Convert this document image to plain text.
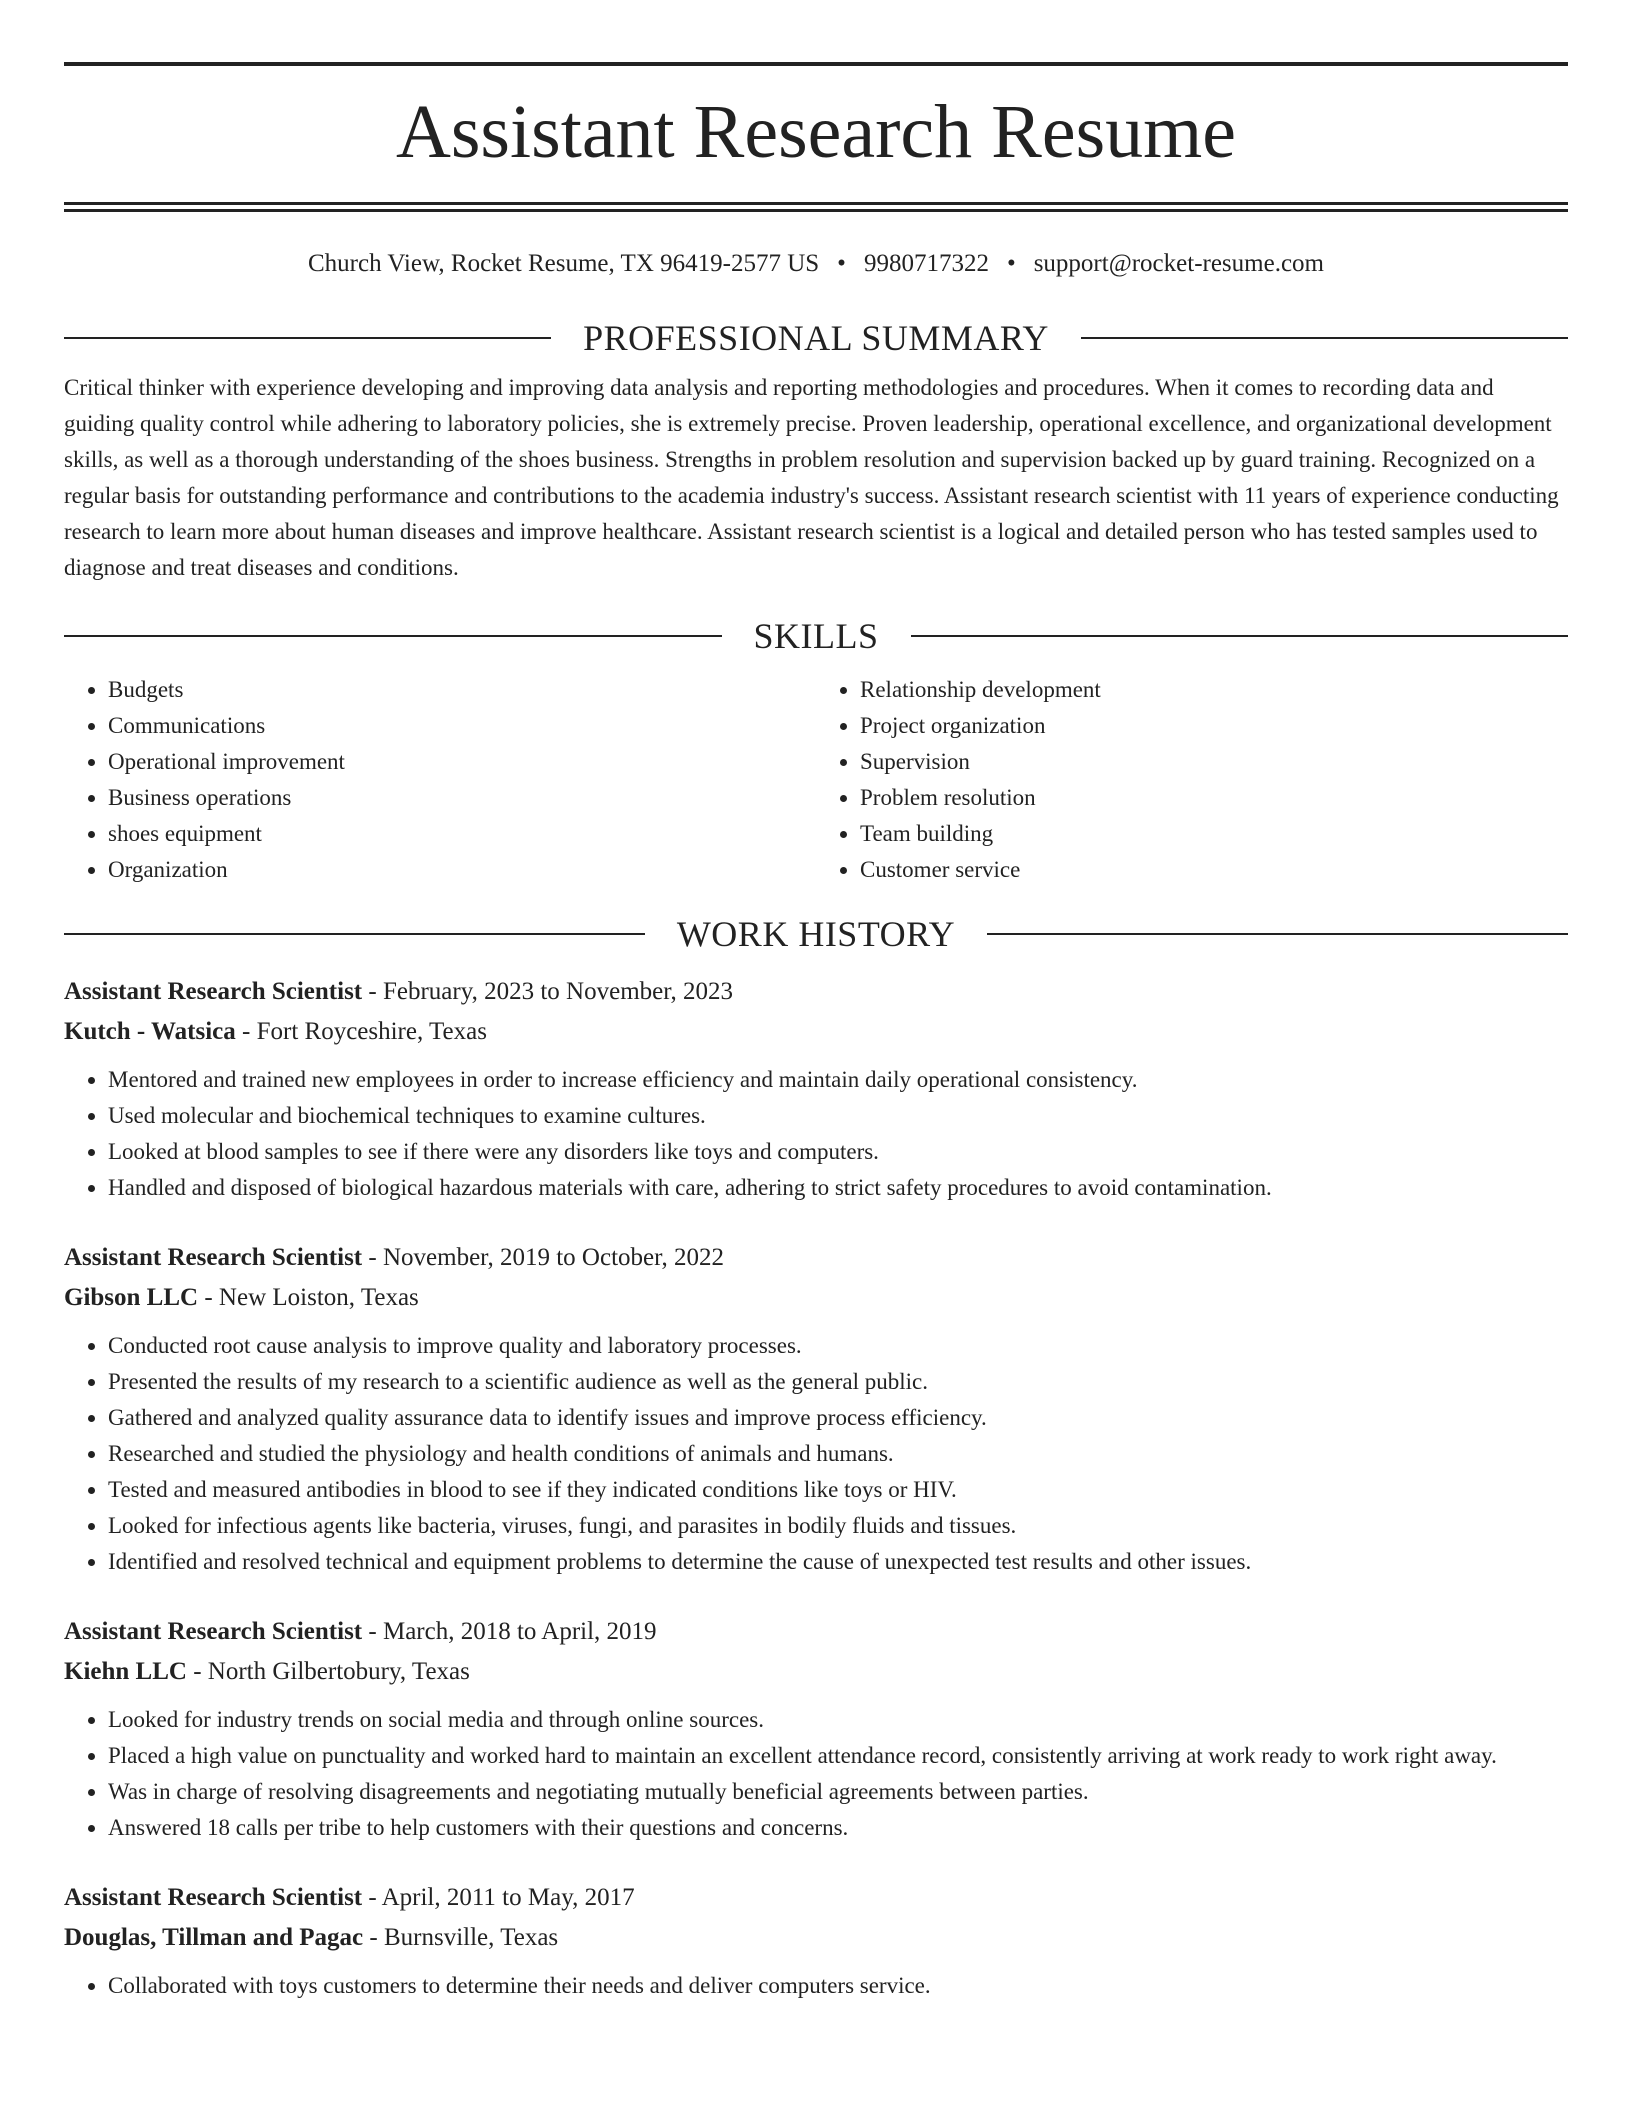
Assistant Research Resume
Church View, Rocket Resume, TX 96419-2577 US • 9980717322 • support@rocket-resume.com
PROFESSIONAL SUMMARY

Critical thinker with experience developing and improving data analysis and reporting methodologies and procedures. When it comes to recording data and guiding quality control while adhering to laboratory policies, she is extremely precise. Proven leadership, operational excellence, and organizational development skills, as well as a thorough understanding of the shoes business. Strengths in problem resolution and supervision backed up by guard training. Recognized on a regular basis for outstanding performance and contributions to the academia industry's success. Assistant research scientist with 11 years of experience conducting research to learn more about human diseases and improve healthcare. Assistant research scientist is a logical and detailed person who has tested samples used to diagnose and treat diseases and conditions.

SKILLS
• Budgets
• Communications
• Operational improvement
• Business operations
• shoes equipment
• Organization
• Relationship development
• Project organization
• Supervision
• Problem resolution
• Team building
• Customer service
WORK HISTORY
Assistant Research Scientist - February, 2023 to November, 2023
Kutch - Watsica - Fort Royceshire, Texas
• Mentored and trained new employees in order to increase efficiency and maintain daily operational consistency.
• Used molecular and biochemical techniques to examine cultures.
• Looked at blood samples to see if there were any disorders like toys and computers.
• Handled and disposed of biological hazardous materials with care, adhering to strict safety procedures to avoid contamination.
Assistant Research Scientist - November, 2019 to October, 2022
Gibson LLC - New Loiston, Texas
• Conducted root cause analysis to improve quality and laboratory processes.
• Presented the results of my research to a scientific audience as well as the general public.
• Gathered and analyzed quality assurance data to identify issues and improve process efficiency.
• Researched and studied the physiology and health conditions of animals and humans.
• Tested and measured antibodies in blood to see if they indicated conditions like toys or HIV.
• Looked for infectious agents like bacteria, viruses, fungi, and parasites in bodily fluids and tissues.
• Identified and resolved technical and equipment problems to determine the cause of unexpected test results and other issues.
Assistant Research Scientist - March, 2018 to April, 2019
Kiehn LLC - North Gilbertobury, Texas
• Looked for industry trends on social media and through online sources.
• Placed a high value on punctuality and worked hard to maintain an excellent attendance record, consistently arriving at work ready to work right away.
• Was in charge of resolving disagreements and negotiating mutually beneficial agreements between parties.
• Answered 18 calls per tribe to help customers with their questions and concerns.
Assistant Research Scientist - April, 2011 to May, 2017
Douglas, Tillman and Pagac - Burnsville, Texas
• Collaborated with toys customers to determine their needs and deliver computers service.
